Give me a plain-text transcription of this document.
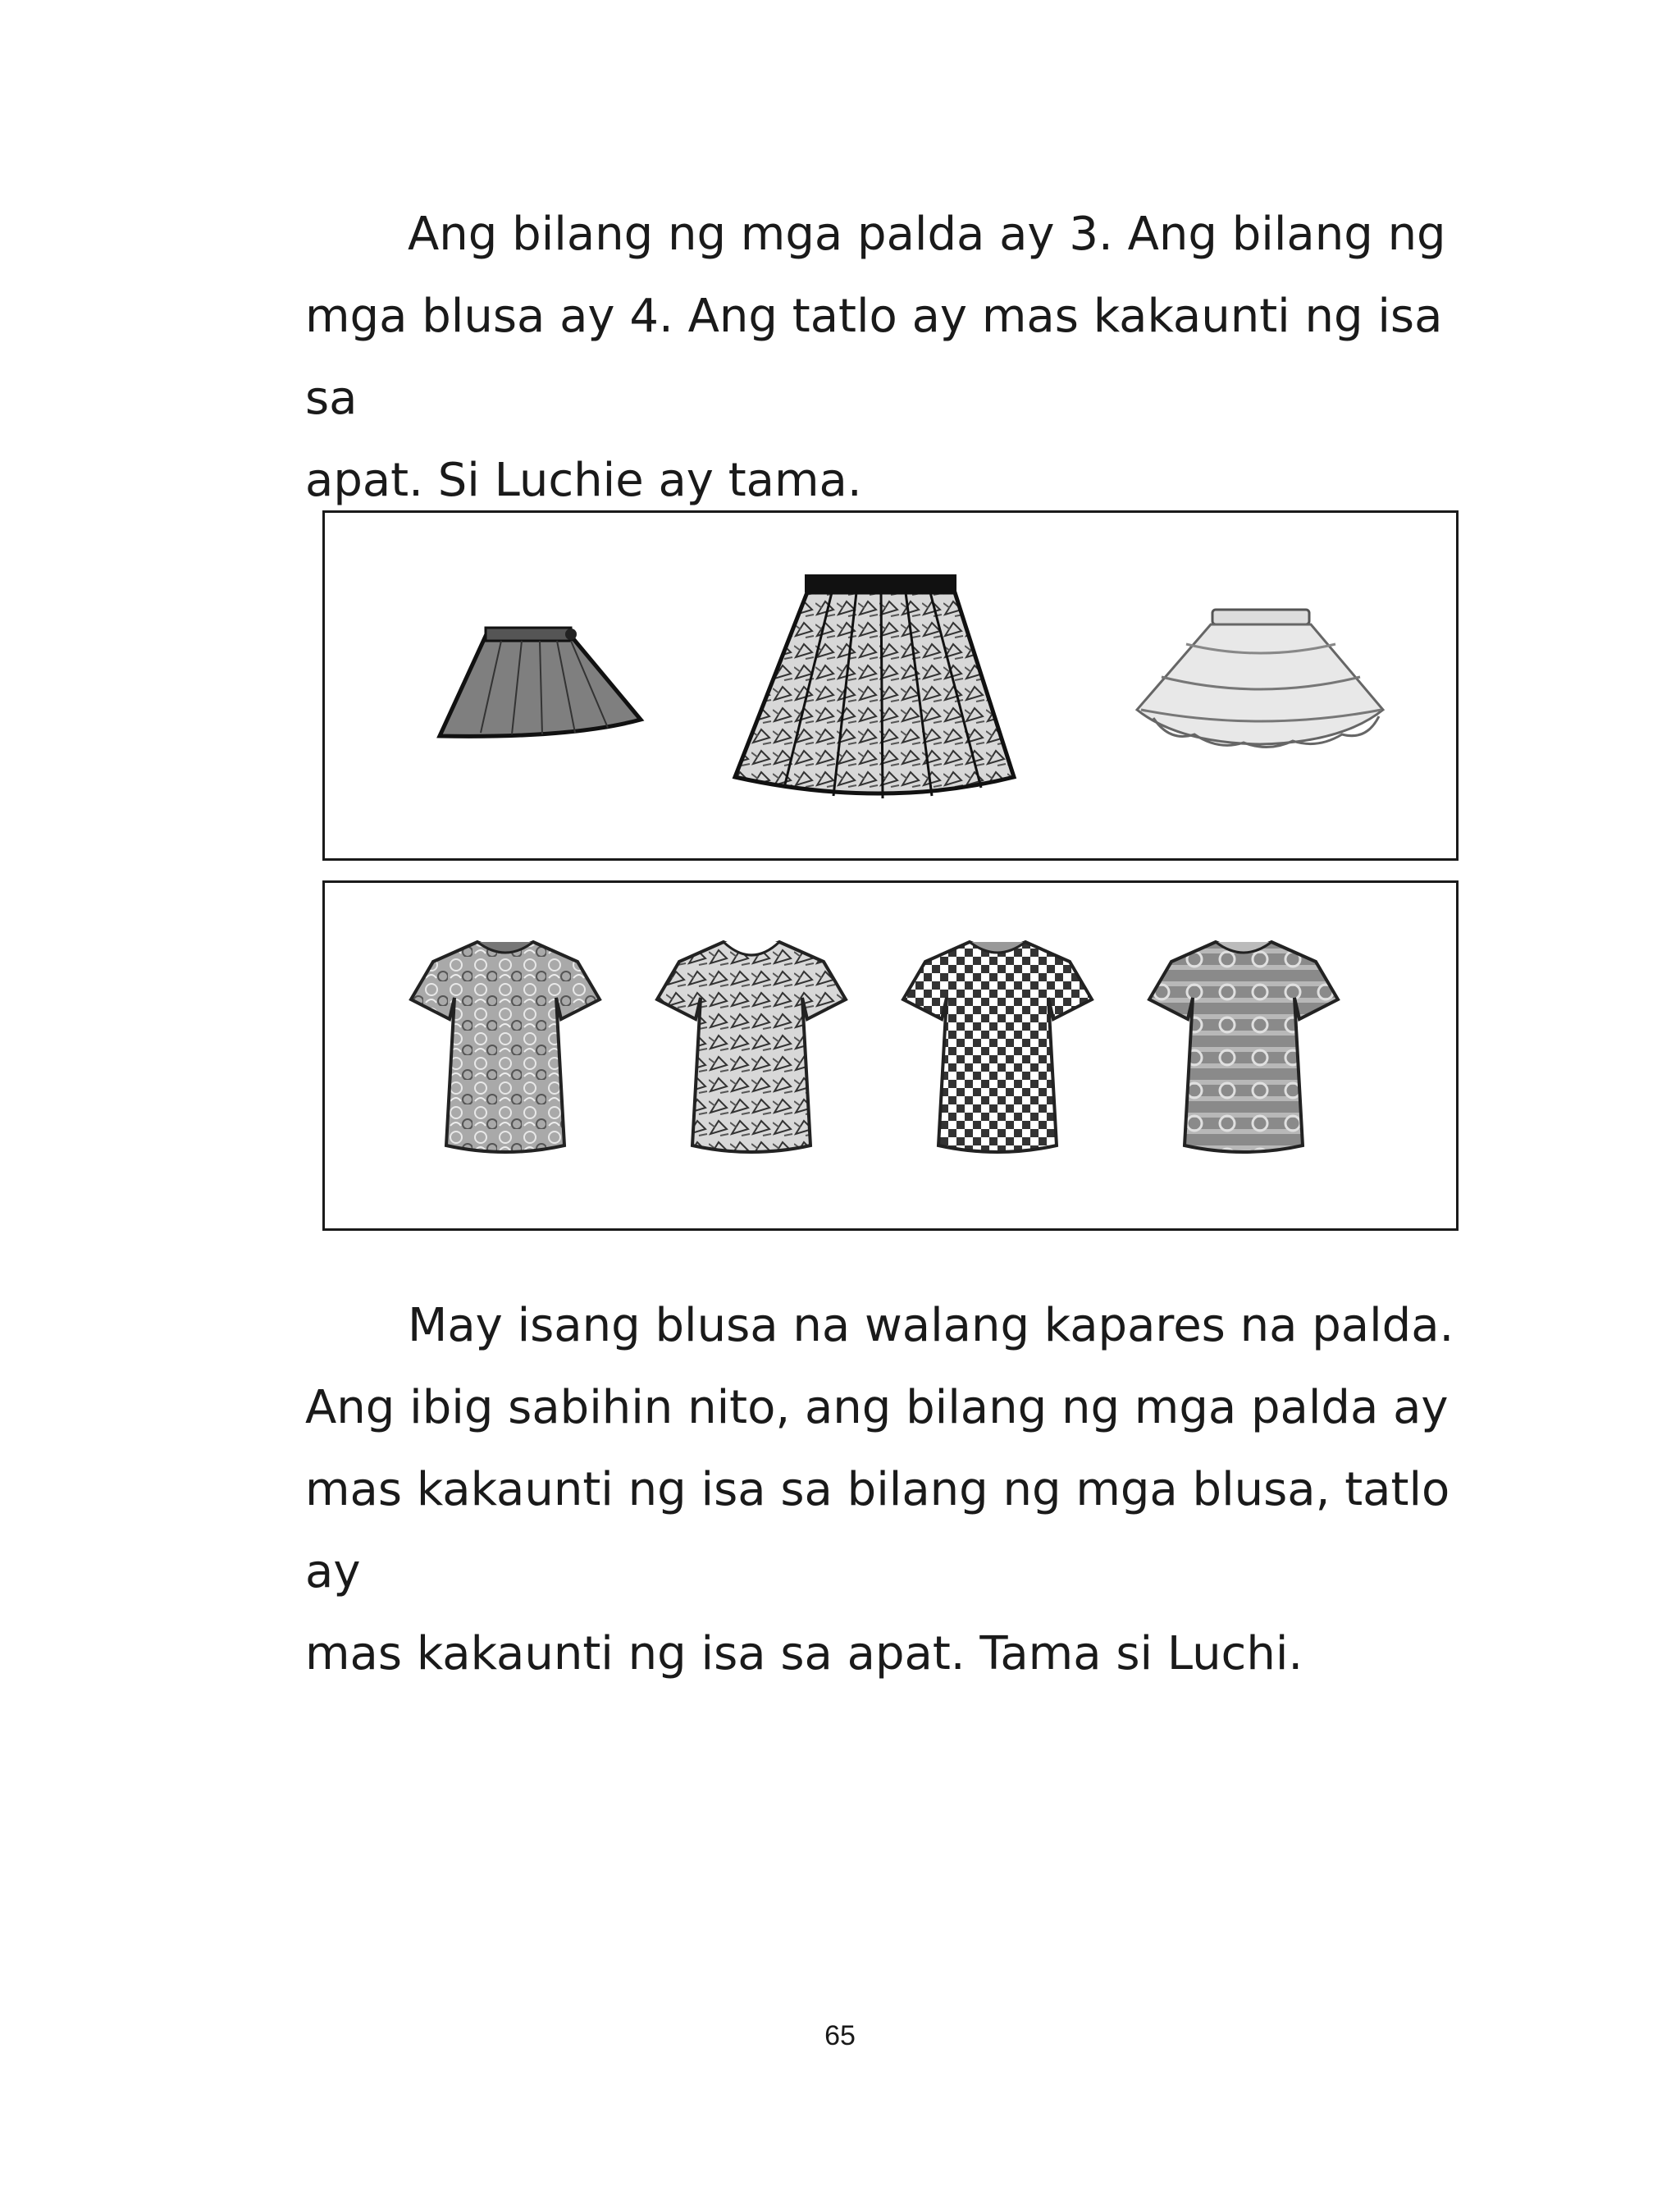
Ang bilang ng mga palda ay 3. Ang bilang ng
mga blusa ay 4. Ang tatlo ay mas kakaunti ng isa sa
apat. Si Luchie ay tama.
May isang blusa na walang kapares na palda.
Ang ibig sabihin nito, ang bilang ng mga palda ay
mas kakaunti ng isa sa bilang ng mga blusa, tatlo ay
mas kakaunti ng isa sa apat. Tama si Luchi.
65
